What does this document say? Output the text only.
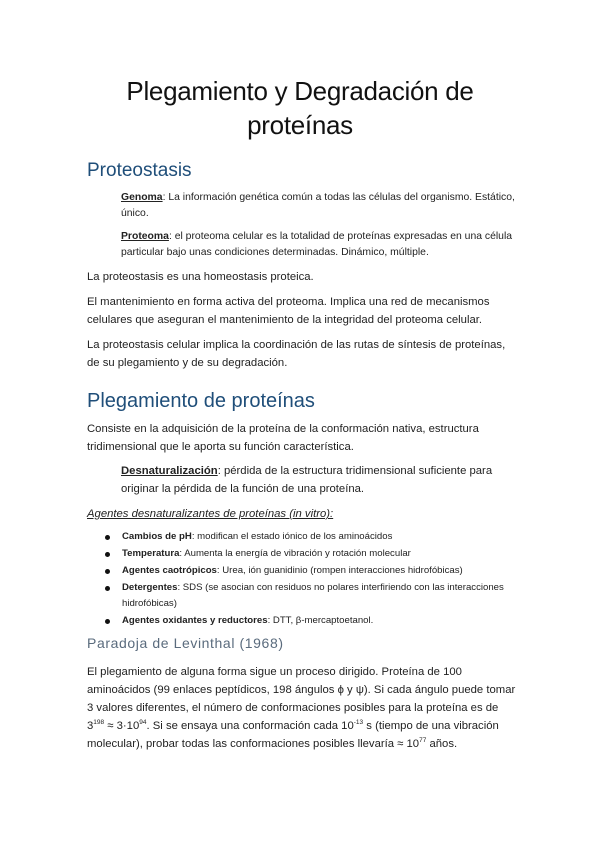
Plegamiento y Degradación de
proteínas
Proteostasis

Genoma: La información genética común a todas las células del organismo. Estático, único.

Proteoma: el proteoma celular es la totalidad de proteínas expresadas en una célula particular bajo unas condiciones determinadas. Dinámico, múltiple.

La proteostasis es una homeostasis proteica.

El mantenimiento en forma activa del proteoma. Implica una red de mecanismos celulares que aseguran el mantenimiento de la integridad del proteoma celular.

La proteostasis celular implica la coordinación de las rutas de síntesis de proteínas, de su plegamiento y de su degradación.

Plegamiento de proteínas

Consiste en la adquisición de la proteína de la conformación nativa, estructura tridimensional que le aporta su función característica.

Desnaturalización: pérdida de la estructura tridimensional suficiente para originar la pérdida de la función de una proteína.

Agentes desnaturalizantes de proteínas (in vitro):

Cambios de pH: modifican el estado iónico de los aminoácidos
Temperatura: Aumenta la energía de vibración y rotación molecular
Agentes caotrópicos: Urea, ión guanidinio (rompen interacciones hidrofóbicas)
Detergentes: SDS (se asocian con residuos no polares interfiriendo con las interacciones hidrofóbicas)
Agentes oxidantes y reductores: DTT, β-mercaptoetanol.
Paradoja de Levinthal (1968)

El plegamiento de alguna forma sigue un proceso dirigido. Proteína de 100 aminoácidos (99 enlaces peptídicos, 198 ángulos ϕ y ψ). Si cada ángulo puede tomar 3 valores diferentes, el número de conformaciones posibles para la proteína es de $3^{198} \approx 3\cdot 10^{94}$. Si se ensaya una conformación cada $10^{-13}$ s (tiempo de una vibración molecular), probar todas las conformaciones posibles llevaría ≈ $10^{77}$ años.
